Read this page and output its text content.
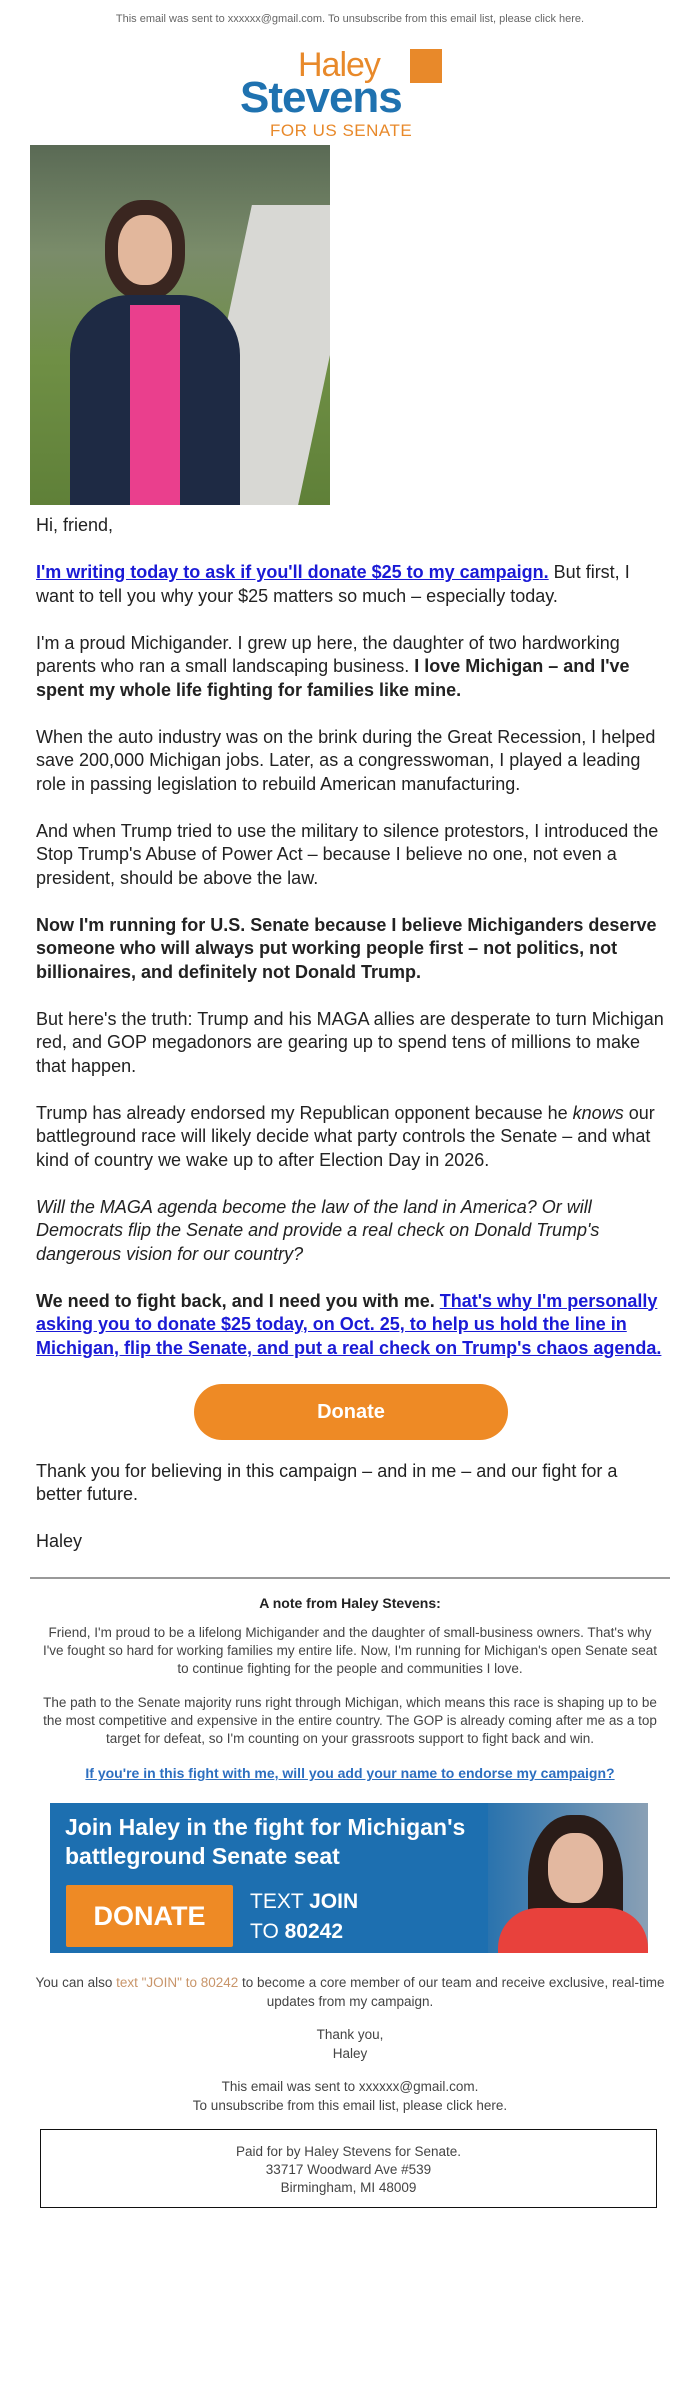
This email was sent to xxxxxx@gmail.com. To unsubscribe from this email list, please click here.
Haley
Stevens
FOR US SENATE

Hi, friend,

I'm writing today to ask if you'll donate $25 to my campaign. But first, I want to tell you why your $25 matters so much – especially today.

I'm a proud Michigander. I grew up here, the daughter of two hardworking parents who ran a small landscaping business. I love Michigan – and I've spent my whole life fighting for families like mine.

When the auto industry was on the brink during the Great Recession, I helped save 200,000 Michigan jobs. Later, as a congresswoman, I played a leading role in passing legislation to rebuild American manufacturing.

And when Trump tried to use the military to silence protestors, I introduced the Stop Trump's Abuse of Power Act – because I believe no one, not even a president, should be above the law.

Now I'm running for U.S. Senate because I believe Michiganders deserve someone who will always put working people first – not politics, not billionaires, and definitely not Donald Trump.

But here's the truth: Trump and his MAGA allies are desperate to turn Michigan red, and GOP megadonors are gearing up to spend tens of millions to make that happen.

Trump has already endorsed my Republican opponent because he knows our battleground race will likely decide what party controls the Senate – and what kind of country we wake up to after Election Day in 2026.

Will the MAGA agenda become the law of the land in America? Or will Democrats flip the Senate and provide a real check on Donald Trump's dangerous vision for our country?

We need to fight back, and I need you with me. That's why I'm personally asking you to donate $25 today, on Oct. 25, to help us hold the line in Michigan, flip the Senate, and put a real check on Trump's chaos agenda.

Donate

Thank you for believing in this campaign – and in me – and our fight for a better future.

Haley

A note from Haley Stevens:

Friend, I'm proud to be a lifelong Michigander and the daughter of small-business owners. That's why I've fought so hard for working families my entire life. Now, I'm running for Michigan's open Senate seat to continue fighting for the people and communities I love.

The path to the Senate majority runs right through Michigan, which means this race is shaping up to be the most competitive and expensive in the entire country. The GOP is already coming after me as a top target for defeat, so I'm counting on your grassroots support to fight back and win.

If you're in this fight with me, will you add your name to endorse my campaign?

Join Haley in the fight for Michigan's battleground Senate seat
DONATE	TEXT JOIN
TO 80242

You can also text "JOIN" to 80242 to become a core member of our team and receive exclusive, real-time updates from my campaign.

Thank you,
Haley

This email was sent to xxxxxx@gmail.com.
To unsubscribe from this email list, please click here.

Paid for by Haley Stevens for Senate.
33717 Woodward Ave #539
Birmingham, MI 48009
